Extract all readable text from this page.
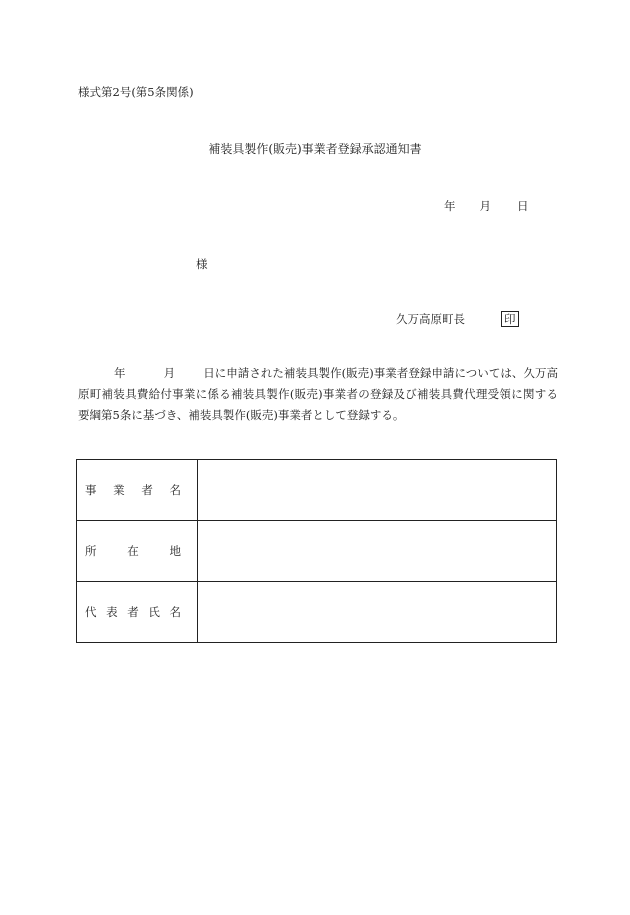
様式第2号(第5条関係)
補装具製作(販売)事業者登録承認通知書
年 月 日
様
久万高原町長	印
年	月 日に申請された補装具製作(販売)事業者登録申請については、久万高原町補装具費給付事業に係る補装具製作(販売)事業者の登録及び補装具費代理受領に関する要綱第5条に基づき、補装具製作(販売)事業者として登録する。
事 業 者 名	

所 在 地	

代 表 者 氏 名	
